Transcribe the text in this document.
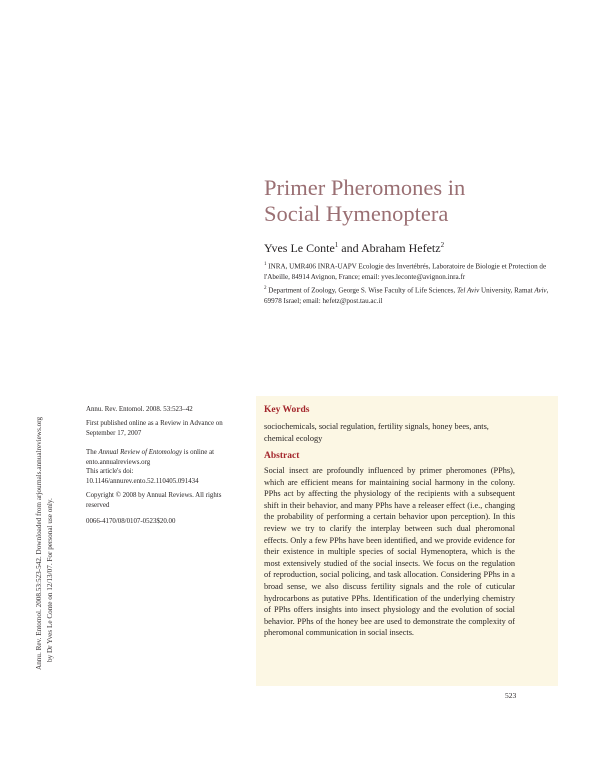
Annu. Rev. Entomol. 2008.53:523-542. Downloaded from arjournals.annualreviews.org by Dr Yves Le Conte on 12/13/07. For personal use only.
Primer Pheromones in
Social Hymenoptera

Yves Le Conte$^1$ and Abraham Hefetz$^2$

$^1$ INRA, UMR406 INRA-UAPV Ecologie des Invertébrés, Laboratoire de Biologie et Protection de l'Abeille, 84914 Avignon, France; email: yves.leconte@avignon.inra.fr

$^2$ Department of Zoology, George S. Wise Faculty of Life Sciences, Tel Aviv University, Ramat Aviv, 69978 Israel; email: hefetz@post.tau.ac.il

Annu. Rev. Entomol. 2008. 53:523–42

First published online as a Review in Advance on September 17, 2007

The Annual Review of Entomology is online at ento.annualreviews.org

This article's doi:
10.1146/annurev.ento.52.110405.091434

Copyright © 2008 by Annual Reviews. All rights reserved

0066-4170/08/0107-0523$20.00

Key Words

sociochemicals, social regulation, fertility signals, honey bees, ants, chemical ecology

Abstract

Social insect are profoundly influenced by primer pheromones (PPhs), which are efficient means for maintaining social harmony in the colony. PPhs act by affecting the physiology of the recipients with a subsequent shift in their behavior, and many PPhs have a releaser effect (i.e., changing the probability of performing a certain behavior upon perception). In this review we try to clarify the interplay between such dual pheromonal effects. Only a few PPhs have been identified, and we provide evidence for their existence in multiple species of social Hymenoptera, which is the most extensively studied of the social insects. We focus on the regulation of reproduction, social policing, and task allocation. Considering PPhs in a broad sense, we also discuss fertility signals and the role of cuticular hydrocarbons as putative PPhs. Identification of the underlying chemistry of PPhs offers insights into insect physiology and the evolution of social behavior. PPhs of the honey bee are used to demonstrate the complexity of pheromonal communication in social insects.

523
